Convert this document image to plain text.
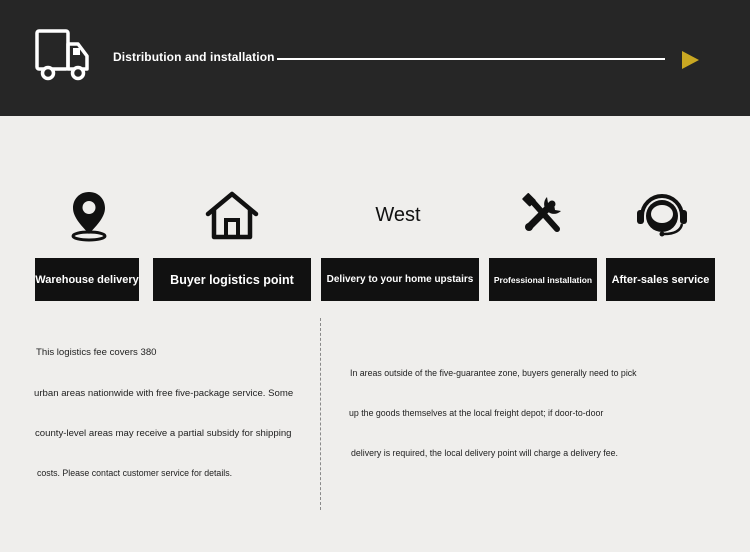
Distribution and installation
West
Warehouse delivery	Buyer logistics point	Delivery to your home upstairs	Professional installation	After-sales service
This logistics fee covers 380
urban areas nationwide with free five-package service. Some
county-level areas may receive a partial subsidy for shipping
costs. Please contact customer service for details.
In areas outside of the five-guarantee zone, buyers generally need to pick
up the goods themselves at the local freight depot; if door-to-door
delivery is required, the local delivery point will charge a delivery fee.
